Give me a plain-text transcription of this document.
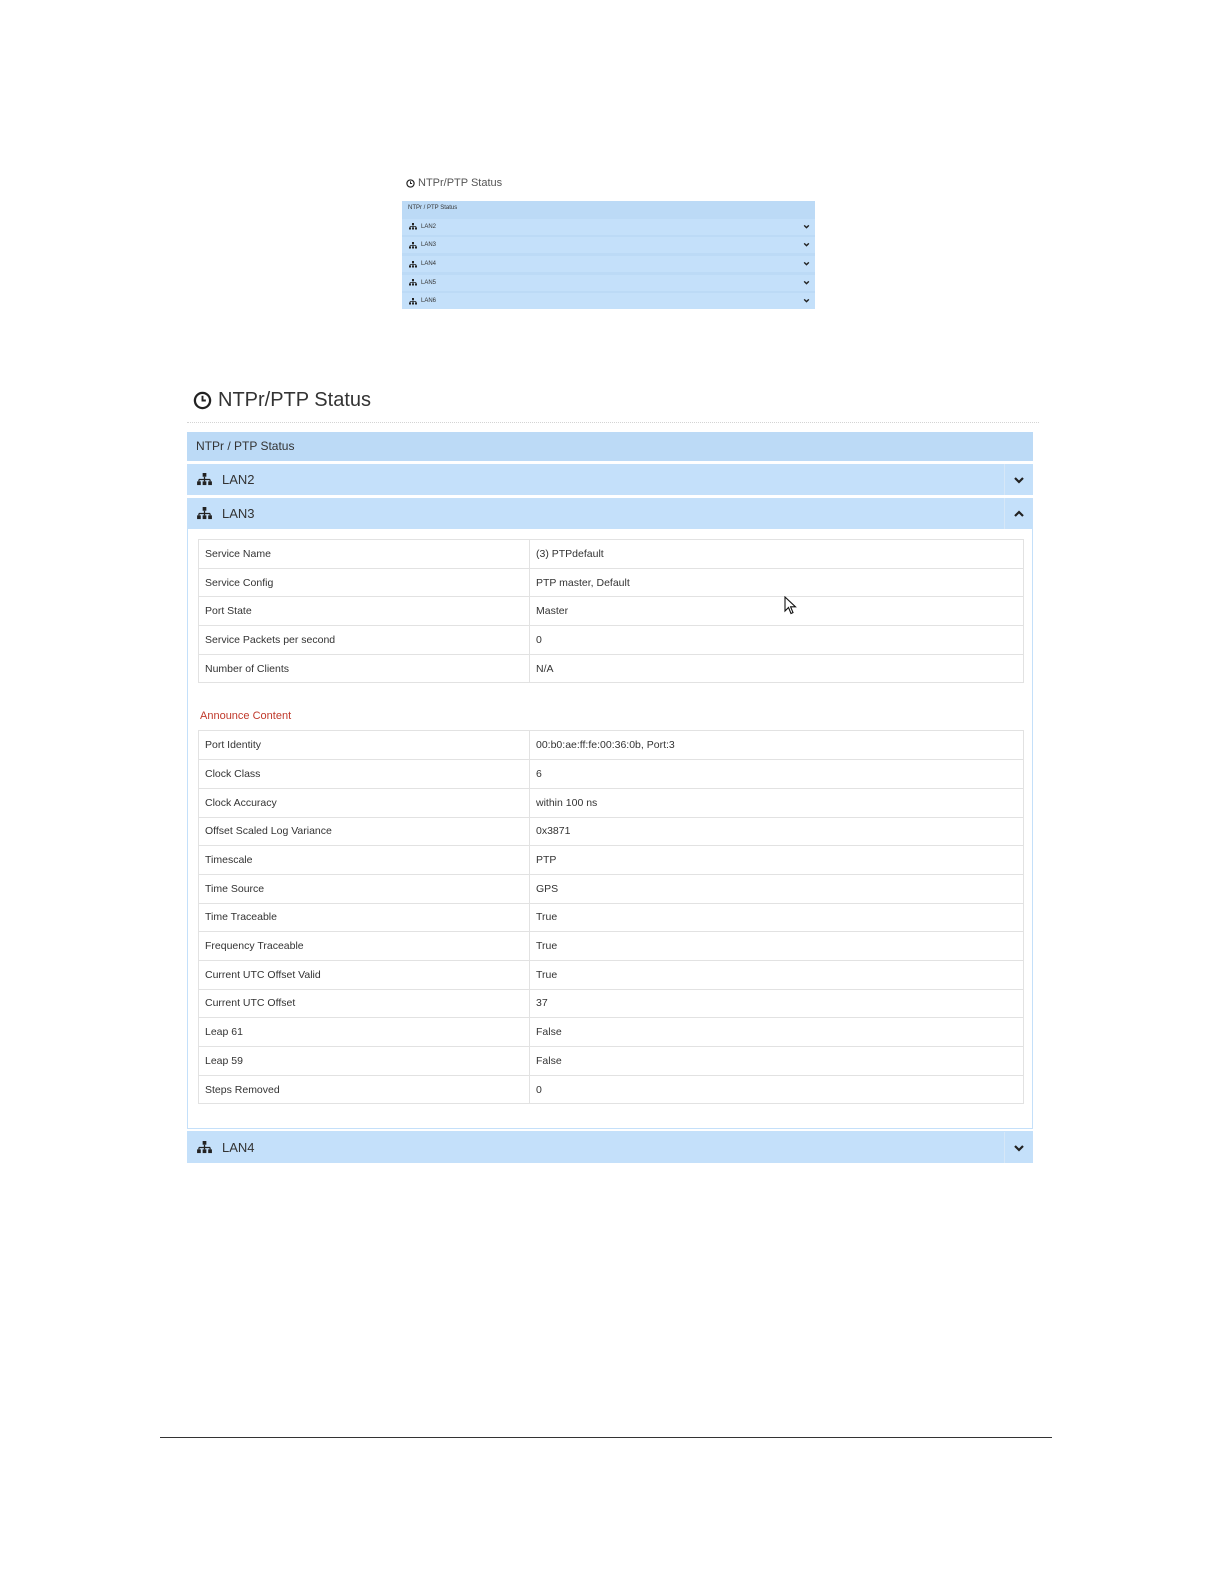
NTPr/PTP Status
NTPr / PTP Status
LAN2
LAN3
LAN4
LAN5
LAN6
NTPr/PTP Status
NTPr / PTP Status
LAN2
LAN3
Service Name	(3) PTPdefault
Service Config	PTP master, Default
Port State	Master
Service Packets per second	0
Number of Clients	N/A
Announce Content
Port Identity	00:b0:ae:ff:fe:00:36:0b, Port:3
Clock Class	6
Clock Accuracy	within 100 ns
Offset Scaled Log Variance	0x3871
Timescale	PTP
Time Source	GPS
Time Traceable	True
Frequency Traceable	True
Current UTC Offset Valid	True
Current UTC Offset	37
Leap 61	False
Leap 59	False
Steps Removed	0
LAN4
